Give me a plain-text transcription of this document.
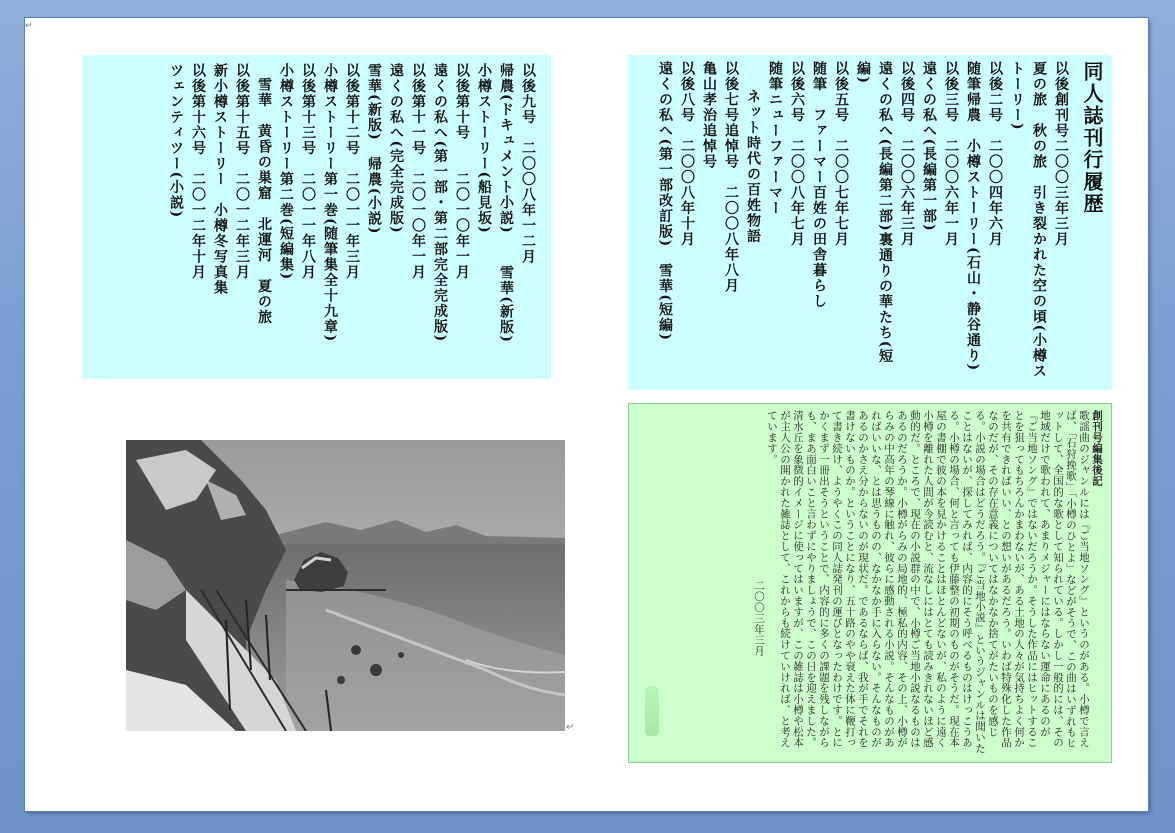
↵
以後九号　二〇〇八年一二月
帰農(ドキュメント小説)　　雪華(新版)
小樽ストーリー(船見坂)
以後第十号　　二〇一〇年一月
遠くの私へ(第一部・第二部完全完成版)
以後第十一号　二〇一〇年一月
遠くの私へ(完全完成版)
雪華(新版)　帰農(小説)
以後第十二号　二〇一一年三月
小樽ストーリー第一巻(随筆集全十九章)
以後第十三号　二〇一一年八月
小樽ストーリー第二巻(短編集)
雪華　黄昏の巣窟　北運河　夏の旅
以後第十五号　二〇一二年三月
新小樽ストーリー　小樽冬写真集
以後第十六号　二〇一二年十月
ツェンティツー(小説)	同人誌刊行履歴
以後創刊号二〇〇三年三月
夏の旅　秋の旅　引き裂かれた空の頃(小樽ストーリー)
以後二号　二〇〇四年六月
随筆帰農　小樽ストーリー(石山・静谷通り)
以後三号　二〇〇六年一月
遠くの私へ(長編第一部)
以後四号　二〇〇六年三月
遠くの私へ(長編第二部)裏通りの華たち(短編)
以後五号　二〇〇七年七月
随筆　ファーマー百姓の田舎暮らし
以後六号　二〇〇八年七月
随筆ニューファーマー
ネット時代の百姓物語
以後七号追悼号　二〇〇八年八月
亀山孝治追悼号
以後八号　二〇〇八年十月
遠くの私へ(第一部改訂版)　雪華(短編)
↵
創刊号編集後記
歌謡曲のジャンルには『ご当地ソング』というのがある。小樽で言えば、「石狩挽歌」「小樽のひとよ」などがそうで、この曲はいずれもヒットして、全国的な歌として知られている。しかし一般的には、その地域だけで歌われて、あまりメジャーにはならない運命にあるのが『ご当地ソング』ではないだろうか。そうした作品にはヒットすることを狙ってもちろんかまわないが、ある土地の人々が気持ちよく何かを共有できればいい、との想いがあるだろう。いわば特殊化した作品なのだが、その存在意義についてはなかなか捨てがたいものを感じる。小説の場合はどうだろう。『ご当地小説』というジャンルは聞いたことはないが、探してみれば、内容的にそう呼べるものはけっこうある。小樽の場合、何と言っても伊藤整の初期のものがそうだ。現在本屋の書棚で彼の本を見かけることはほとんどないが、私のように遠く小樽を離れた人間が今読むと、流なしにはとても読みきれないほど感動的だ。ところで、現在の小説群の中で、小樽ご当地小説なるものはあるのだろうか。小樽がらみの局地的、極私的内容、その上、小樽がらみの中高年の琴線に触れ、彼らに感動される小説。そんなものがあればいいな、とは思うものの、なかなか手に入らない。そんなものがあるのかさえ分からないのが現状だ。であるならば、我が手でそれを書けないものか。ということになり、五十路のやや衰えた体に鞭打って書き続け、ようやくこの同人誌発刊の運びとなったわけです。とにかくまず一冊出そうということで、内容的に多くの課題を残しながらも、まあ面白いこと言わずにやりましょうで、この日を迎えました。清水丘を象徴的イメージに使ってはいますが、この雑誌は小樽や松本が主人公の開かれた雑誌として、これからも続けていければ、と考えています。
二〇〇三年三月
